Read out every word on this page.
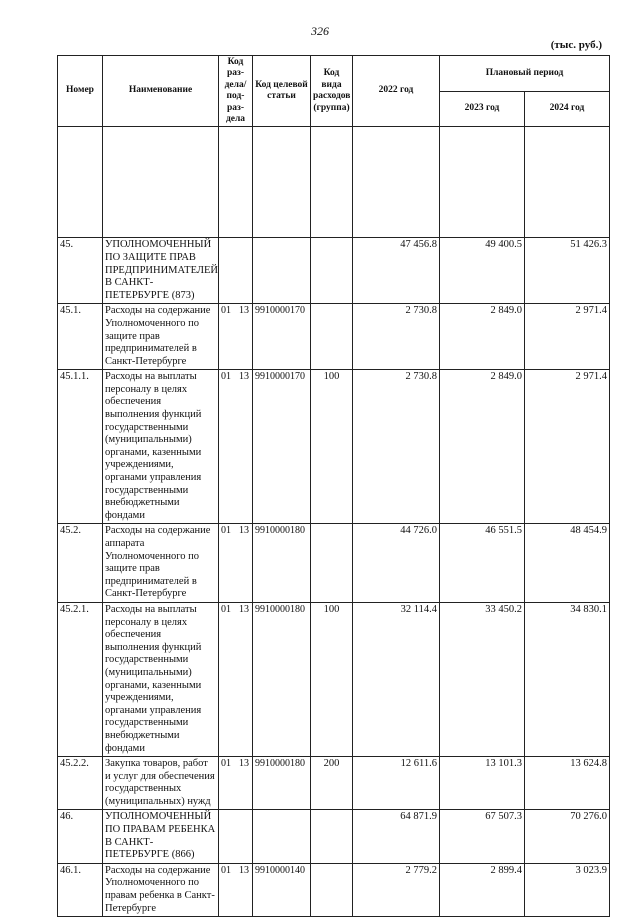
326
(тыс. руб.)
Номер	Наименование	Код раз- дела/ под- раз- дела	Код целевой статьи	Код вида расходов (группа)	2022 год	Плановый период	
						2023 год	2024 год

45.	УПОЛНОМОЧЕННЫЙ ПО ЗАЩИТЕ ПРАВ ПРЕДПРИНИМАТЕЛЕЙ В САНКТ-ПЕТЕРБУРГЕ (873)				47 456.8	49 400.5	51 426.3
45.1.	Расходы на содержание Уполномоченного по защите прав предпринимателей в Санкт-Петербурге	01 13	9910000170		2 730.8	2 849.0	2 971.4
45.1.1.	Расходы на выплаты персоналу в целях обеспечения выполнения функций государственными (муниципальными) органами, казенными учреждениями, органами управления государственными внебюджетными фондами	01 13	9910000170	100	2 730.8	2 849.0	2 971.4
45.2.	Расходы на содержание аппарата Уполномоченного по защите прав предпринимателей в Санкт-Петербурге	01 13	9910000180		44 726.0	46 551.5	48 454.9
45.2.1.	Расходы на выплаты персоналу в целях обеспечения выполнения функций государственными (муниципальными) органами, казенными учреждениями, органами управления государственными внебюджетными фондами	01 13	9910000180	100	32 114.4	33 450.2	34 830.1
45.2.2.	Закупка товаров, работ и услуг для обеспечения государственных (муниципальных) нужд	01 13	9910000180	200	12 611.6	13 101.3	13 624.8
46.	УПОЛНОМОЧЕННЫЙ ПО ПРАВАМ РЕБЕНКА В САНКТ-ПЕТЕРБУРГЕ (866)				64 871.9	67 507.3	70 276.0
46.1.	Расходы на содержание Уполномоченного по правам ребенка в Санкт-Петербурге	01 13	9910000140		2 779.2	2 899.4	3 023.9
